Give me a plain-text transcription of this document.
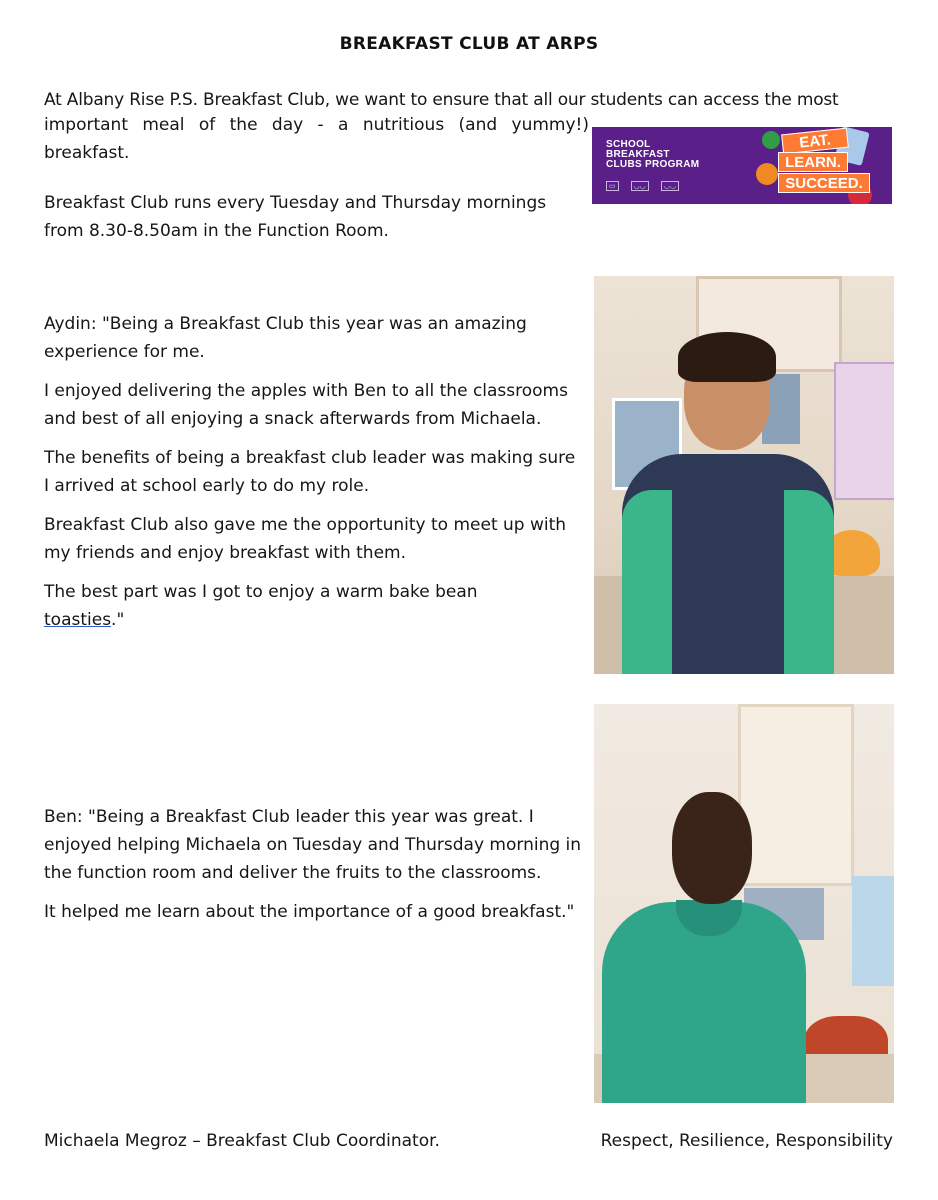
BREAKFAST CLUB AT ARPS
At Albany Rise P.S. Breakfast Club, we want to ensure that all our students can access the most
important meal of the day - a nutritious (and yummy!) breakfast.	SCHOOL
BREAKFAST
CLUBS PROGRAM
▭	◡◡	◡◡
EAT.
LEARN.
SUCCEED.
Breakfast Club runs every Tuesday and Thursday mornings from 8.30-8.50am in the Function Room.

Aydin: "Being a Breakfast Club this year was an amazing experience for me.

I enjoyed delivering the apples with Ben to all the classrooms and best of all enjoying a snack afterwards from Michaela.

The benefits of being a breakfast club leader was making sure I arrived at school early to do my role.

Breakfast Club also gave me the opportunity to meet up with my friends and enjoy breakfast with them.

The best part was I got to enjoy a warm bake bean
toasties."

Ben: "Being a Breakfast Club leader this year was great. I enjoyed helping Michaela on Tuesday and Thursday morning in the function room and deliver the fruits to the classrooms.

It helped me learn about the importance of a good breakfast."

Michaela Megroz – Breakfast Club Coordinator.	Respect, Resilience, Responsibility
